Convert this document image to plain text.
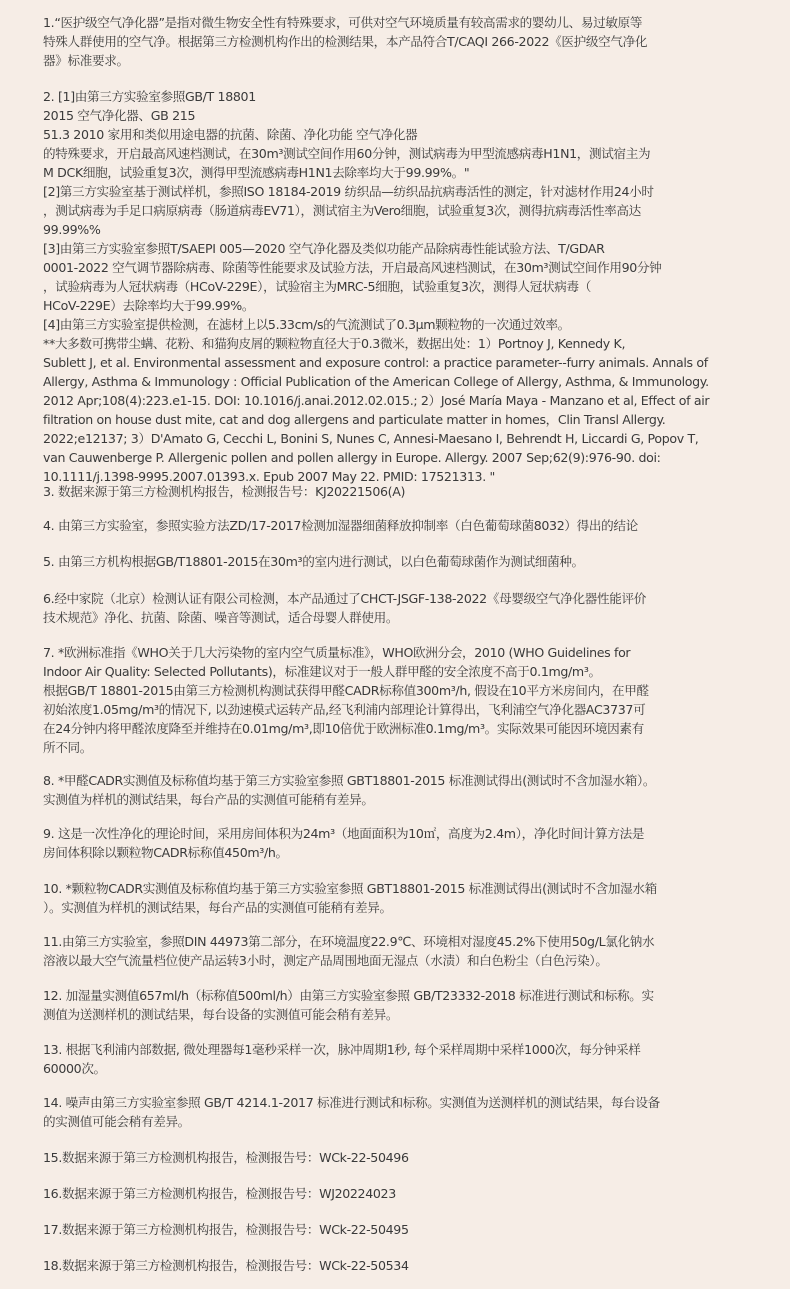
1.“医护级空气净化器”是指对微生物安全性有特殊要求，可供对空气环境质量有较高需求的婴幼儿、易过敏原等
特殊人群使用的空气净。根据第三方检测机构作出的检测结果，本产品符合T/CAQI 266-2022《医护级空气净化
器》标准要求。
2. [1]由第三方实验室参照GB/T 18801
2015 空气净化器、GB 215
51.3 2010 家用和类似用途电器的抗菌、除菌、净化功能 空气净化器
的特殊要求，开启最高风速档测试，在30m³测试空间作用60分钟，测试病毒为甲型流感病毒H1N1，测试宿主为
M DCK细胞，试验重复3次，测得甲型流感病毒H1N1去除率均大于99.99%。"
[2]第三方实验室基于测试样机，参照ISO 18184-2019 纺织品—纺织品抗病毒活性的测定，针对滤材作用24小时
，测试病毒为手足口病原病毒（肠道病毒EV71），测试宿主为Vero细胞，试验重复3次，测得抗病毒活性率高达
99.99%%
[3]由第三方实验室参照T/SAEPI 005—2020 空气净化器及类似功能产品除病毒性能试验方法、T/GDAR
0001-2022 空气调节器除病毒、除菌等性能要求及试验方法，开启最高风速档测试，在30m³测试空间作用90分钟
，试验病毒为人冠状病毒（HCoV-229E），试验宿主为MRC-5细胞，试验重复3次，测得人冠状病毒（
HCoV-229E）去除率均大于99.99%。
[4]由第三方实验室提供检测，在滤材上以5.33cm/s的气流测试了0.3μm颗粒物的一次通过效率。
**大多数可携带尘螨、花粉、和猫狗皮屑的颗粒物直径大于0.3微米，数据出处：1）Portnoy J, Kennedy K,
Sublett J, et al. Environmental assessment and exposure control: a practice parameter--furry animals. Annals of
Allergy, Asthma & Immunology : Official Publication of the American College of Allergy, Asthma, & Immunology.
2012 Apr;108(4):223.e1-15. DOI: 10.1016/j.anai.2012.02.015.; 2）José María Maya - Manzano et al, Effect of air
filtration on house dust mite, cat and dog allergens and particulate matter in homes，Clin Transl Allergy.
2022;e12137; 3）D'Amato G, Cecchi L, Bonini S, Nunes C, Annesi-Maesano I, Behrendt H, Liccardi G, Popov T,
van Cauwenberge P. Allergenic pollen and pollen allergy in Europe. Allergy. 2007 Sep;62(9):976-90. doi:
10.1111/j.1398-9995.2007.01393.x. Epub 2007 May 22. PMID: 17521313. "
3. 数据来源于第三方检测机构报告，检测报告号：KJ20221506(A)
4. 由第三方实验室，参照实验方法ZD/17-2017检测加湿器细菌释放抑制率（白色葡萄球菌8032）得出的结论
5. 由第三方机构根据GB/T18801-2015在30m³的室内进行测试，以白色葡萄球菌作为测试细菌种。
6.经中家院（北京）检测认证有限公司检测，本产品通过了CHCT-JSGF-138-2022《母婴级空气净化器性能评价
技术规范》净化、抗菌、除菌、噪音等测试，适合母婴人群使用。
7. *欧洲标准指《WHO关于几大污染物的室内空气质量标准》，WHO欧洲分会，2010 (WHO Guidelines for
Indoor Air Quality: Selected Pollutants)，标准建议对于一般人群甲醛的安全浓度不高于0.1mg/m³。
根据GB/T 18801-2015由第三方检测机构测试获得甲醛CADR标称值300m³/h, 假设在10平方米房间内，在甲醛
初始浓度1.05mg/m³的情况下, 以劲速模式运转产品,经飞利浦内部理论计算得出，飞利浦空气净化器AC3737可
在24分钟内将甲醛浓度降至并维持在0.01mg/m³,即10倍优于欧洲标准0.1mg/m³。实际效果可能因环境因素有
所不同。
8. *甲醛CADR实测值及标称值均基于第三方实验室参照 GBT18801-2015 标准测试得出(测试时不含加湿水箱）。
实测值为样机的测试结果，每台产品的实测值可能稍有差异。
9. 这是一次性净化的理论时间，采用房间体积为24m³（地面面积为10㎡，高度为2.4m），净化时间计算方法是
房间体积除以颗粒物CADR标称值450m³/h。
10. *颗粒物CADR实测值及标称值均基于第三方实验室参照 GBT18801-2015 标准测试得出(测试时不含加湿水箱
）。实测值为样机的测试结果，每台产品的实测值可能稍有差异。
11.由第三方实验室，参照DIN 44973第二部分，在环境温度22.9℃、环境相对湿度45.2%下使用50g/L氯化钠水
溶液以最大空气流量档位使产品运转3小时，测定产品周围地面无湿点（水渍）和白色粉尘（白色污染）。
12. 加湿量实测值657ml/h（标称值500ml/h）由第三方实验室参照 GB/T23332-2018 标准进行测试和标称。实
测值为送测样机的测试结果，每台设备的实测值可能会稍有差异。
13. 根据飞利浦内部数据, 微处理器每1毫秒采样一次，脉冲周期1秒, 每个采样周期中采样1000次，每分钟采样
60000次。
14. 噪声由第三方实验室参照 GB/T 4214.1-2017 标准进行测试和标称。实测值为送测样机的测试结果，每台设备
的实测值可能会稍有差异。
15.数据来源于第三方检测机构报告，检测报告号：WCk-22-50496
16.数据来源于第三方检测机构报告，检测报告号：WJ20224023
17.数据来源于第三方检测机构报告，检测报告号：WCk-22-50495
18.数据来源于第三方检测机构报告，检测报告号：WCk-22-50534
